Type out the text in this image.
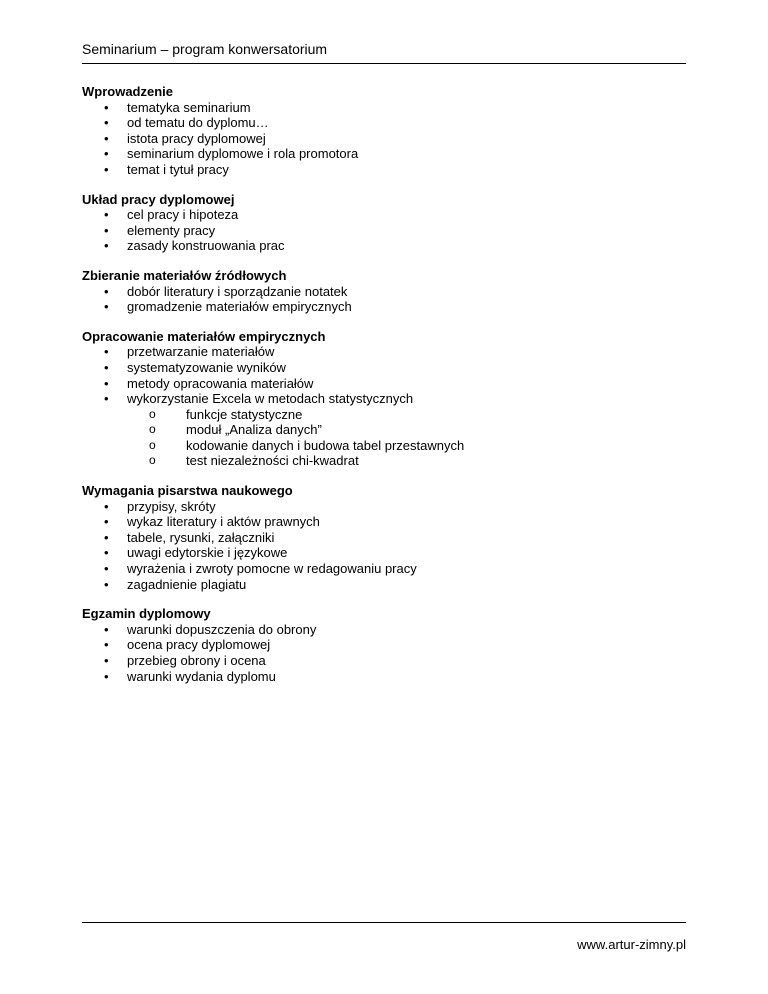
Seminarium – program konwersatorium
Wprowadzenie
• tematyka seminarium
• od tematu do dyplomu…
• istota pracy dyplomowej
• seminarium dyplomowe i rola promotora
• temat i tytuł pracy
Układ pracy dyplomowej
• cel pracy i hipoteza
• elementy pracy
• zasady konstruowania prac
Zbieranie materiałów źródłowych
• dobór literatury i sporządzanie notatek
• gromadzenie materiałów empirycznych
Opracowanie materiałów empirycznych
• przetwarzanie materiałów
• systematyzowanie wyników
• metody opracowania materiałów
• wykorzystanie Excela w metodach statystycznych
o funkcje statystyczne
o moduł „Analiza danych”
o kodowanie danych i budowa tabel przestawnych
o test niezależności chi-kwadrat
Wymagania pisarstwa naukowego
• przypisy, skróty
• wykaz literatury i aktów prawnych
• tabele, rysunki, załączniki
• uwagi edytorskie i językowe
• wyrażenia i zwroty pomocne w redagowaniu pracy
• zagadnienie plagiatu
Egzamin dyplomowy
• warunki dopuszczenia do obrony
• ocena pracy dyplomowej
• przebieg obrony i ocena
• warunki wydania dyplomu
www.artur-zimny.pl
